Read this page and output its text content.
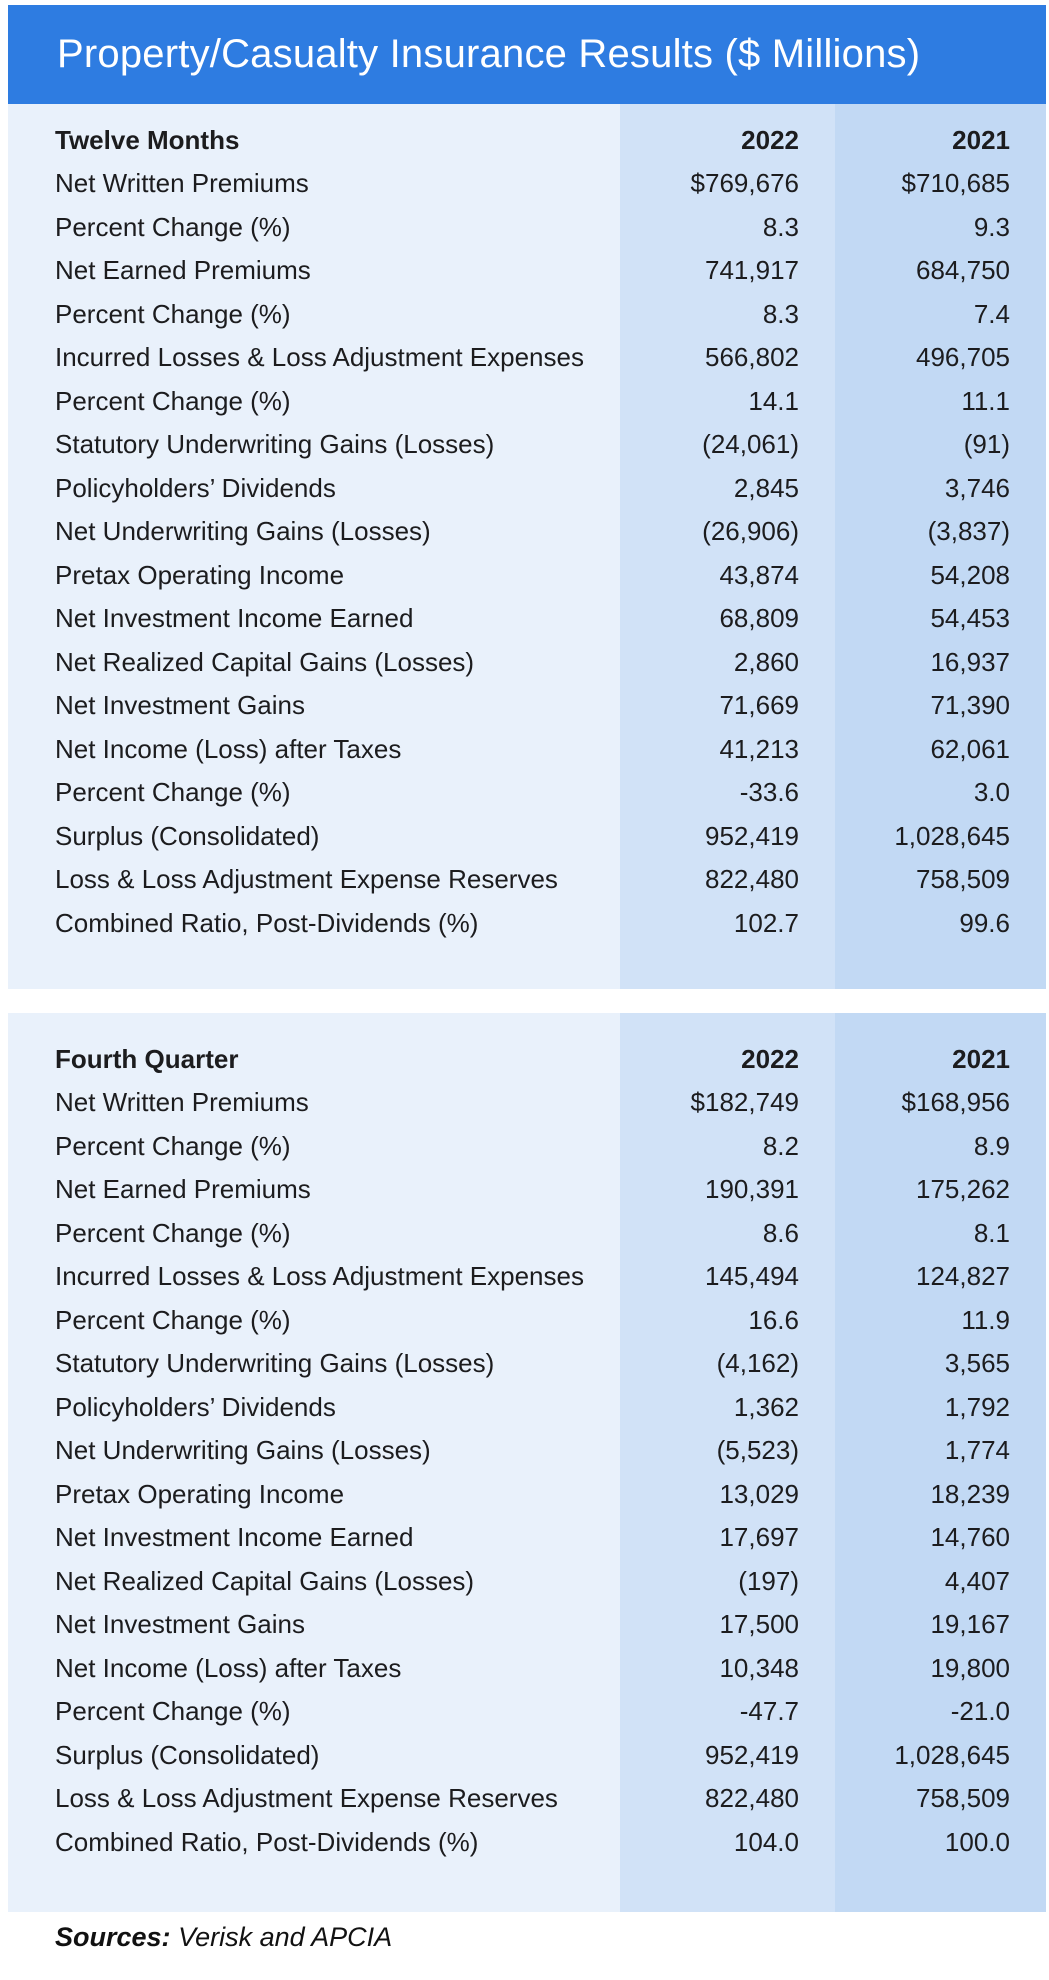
Property/Casualty Insurance Results ($ Millions)
Twelve Months	2022	2021
Net Written Premiums	$769,676	$710,685
Percent Change (%)	8.3	9.3
Net Earned Premiums	741,917	684,750
Percent Change (%)	8.3	7.4
Incurred Losses & Loss Adjustment Expenses	566,802	496,705
Percent Change (%)	14.1	11.1
Statutory Underwriting Gains (Losses)	(24,061)	(91)
Policyholders’ Dividends	2,845	3,746
Net Underwriting Gains (Losses)	(26,906)	(3,837)
Pretax Operating Income	43,874	54,208
Net Investment Income Earned	68,809	54,453
Net Realized Capital Gains (Losses)	2,860	16,937
Net Investment Gains	71,669	71,390
Net Income (Loss) after Taxes	41,213	62,061
Percent Change (%)	-33.6	3.0
Surplus (Consolidated)	952,419	1,028,645
Loss & Loss Adjustment Expense Reserves	822,480	758,509
Combined Ratio, Post-Dividends (%)	102.7	99.6
Fourth Quarter	2022	2021
Net Written Premiums	$182,749	$168,956
Percent Change (%)	8.2	8.9
Net Earned Premiums	190,391	175,262
Percent Change (%)	8.6	8.1
Incurred Losses & Loss Adjustment Expenses	145,494	124,827
Percent Change (%)	16.6	11.9
Statutory Underwriting Gains (Losses)	(4,162)	3,565
Policyholders’ Dividends	1,362	1,792
Net Underwriting Gains (Losses)	(5,523)	1,774
Pretax Operating Income	13,029	18,239
Net Investment Income Earned	17,697	14,760
Net Realized Capital Gains (Losses)	(197)	4,407
Net Investment Gains	17,500	19,167
Net Income (Loss) after Taxes	10,348	19,800
Percent Change (%)	-47.7	-21.0
Surplus (Consolidated)	952,419	1,028,645
Loss & Loss Adjustment Expense Reserves	822,480	758,509
Combined Ratio, Post-Dividends (%)	104.0	100.0

Sources: Verisk and APCIA
